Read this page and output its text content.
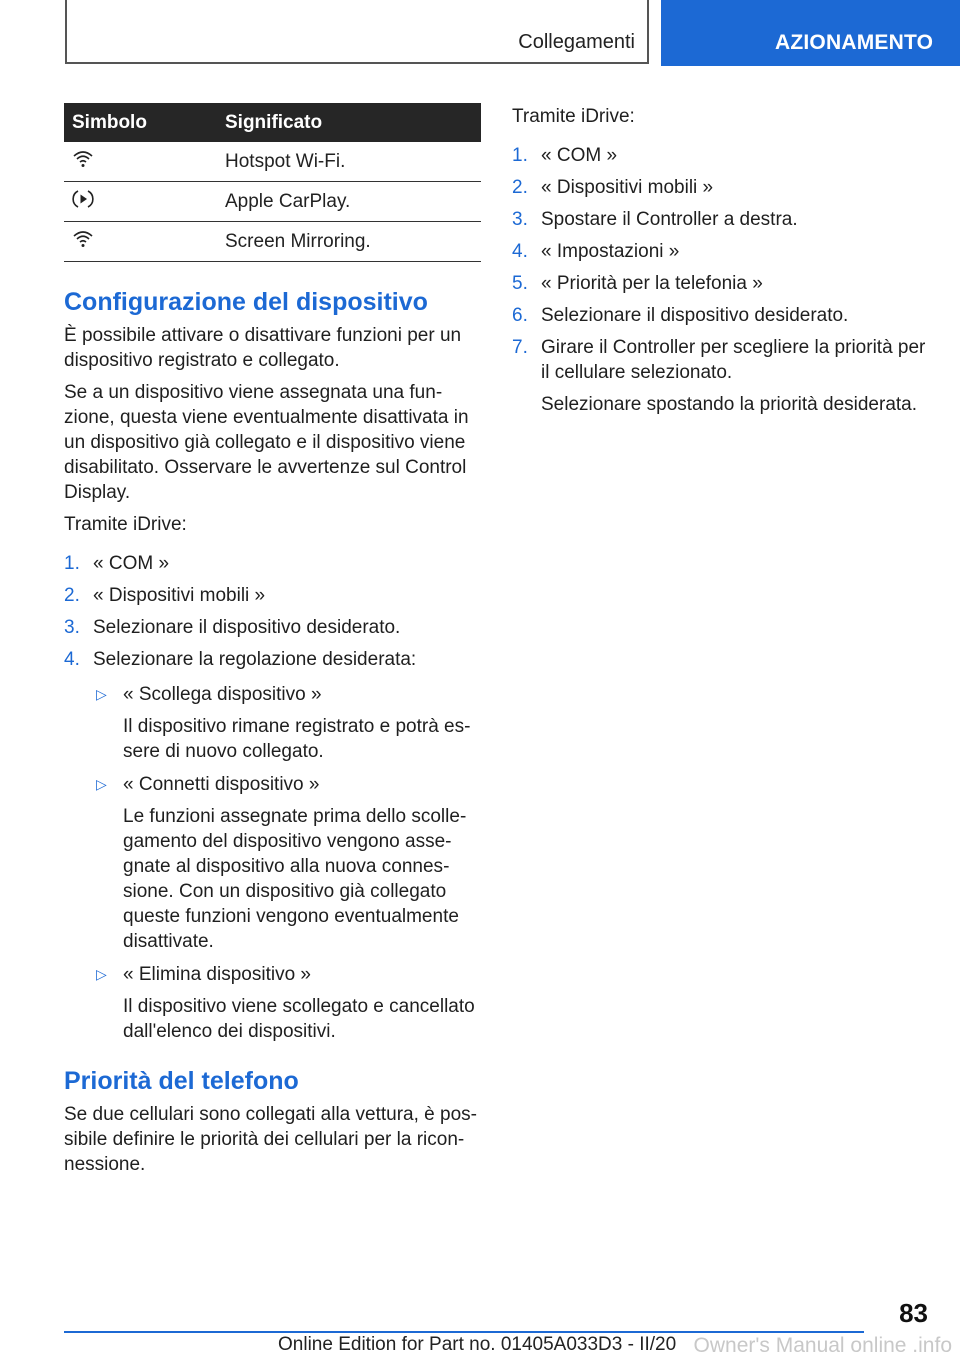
Collegamenti	AZIONAMENTO
Simbolo	Significato
	Hotspot Wi-Fi.
	Apple CarPlay.
	Screen Mirroring.
Configurazione del dispositivo

È possibile attivare o disattivare funzioni per un dispositivo registrato e collegato.

Se a un dispositivo viene assegnata una funzione, questa viene eventualmente disattivata in un dispositivo già collegato e il dispositivo viene disabilitato. Osservare le avvertenze sul Control Display.

Tramite iDrive:

1. « COM »
2. « Dispositivi mobili »
3. Selezionare il dispositivo desiderato.
4. Selezionare la regolazione desiderata:
▷ « Scollega dispositivo »

Il dispositivo rimane registrato e potrà essere di nuovo collegato.

▷ « Connetti dispositivo »

Le funzioni assegnate prima dello scollegamento del dispositivo vengono assegnate al dispositivo alla nuova connessione. Con un dispositivo già collegato queste funzioni vengono eventualmente disattivate.

▷ « Elimina dispositivo »

Il dispositivo viene scollegato e cancellato dall'elenco dei dispositivi.

Priorità del telefono

Se due cellulari sono collegati alla vettura, è possibile definire le priorità dei cellulari per la riconnessione.

Tramite iDrive:

1. « COM »
2. « Dispositivi mobili »
3. Spostare il Controller a destra.
4. « Impostazioni »
5. « Priorità per la telefonia »
6. Selezionare il dispositivo desiderato.
7. Girare il Controller per scegliere la priorità per il cellulare selezionato.

Selezionare spostando la priorità desiderata.

83
Owner's Manual online .info
Online Edition for Part no. 01405A033D3 - II/20
